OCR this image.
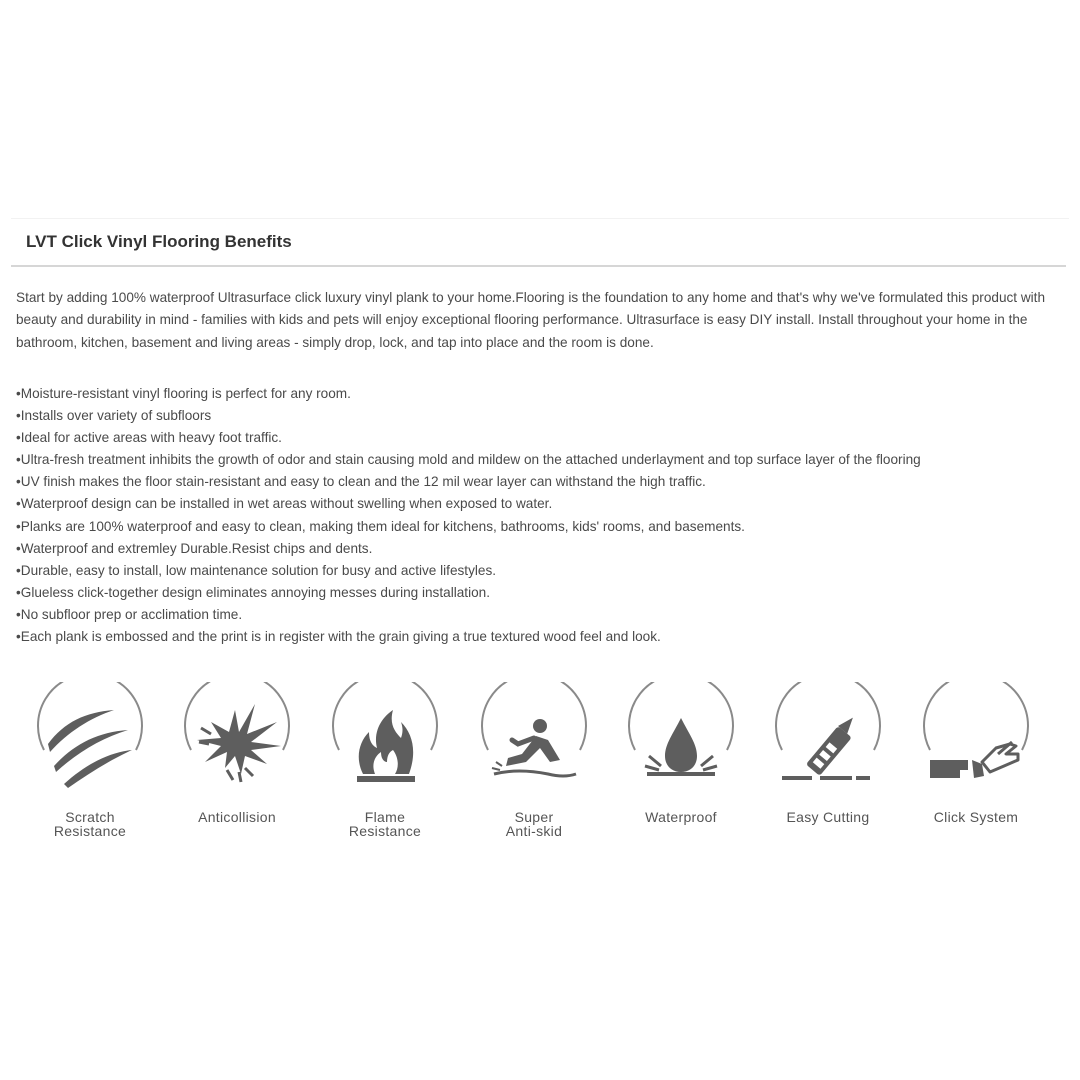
LVT Click Vinyl Flooring Benefits

Start by adding 100% waterproof Ultrasurface click luxury vinyl plank to your home.Flooring is the foundation to any home and that's why we've formulated this product with
beauty and durability in mind - families with kids and pets will enjoy exceptional flooring performance. Ultrasurface is easy DIY install. Install throughout your home in the
bathroom, kitchen, basement and living areas - simply drop, lock, and tap into place and the room is done.

•Moisture-resistant vinyl flooring is perfect for any room.
•Installs over variety of subfloors
•Ideal for active areas with heavy foot traffic.
•Ultra-fresh treatment inhibits the growth of odor and stain causing mold and mildew on the attached underlayment and top surface layer of the flooring
•UV finish makes the floor stain-resistant and easy to clean and the 12 mil wear layer can withstand the high traffic.
•Waterproof design can be installed in wet areas without swelling when exposed to water.
•Planks are 100% waterproof and easy to clean, making them ideal for kitchens, bathrooms, kids' rooms, and basements.
•Waterproof and extremley Durable.Resist chips and dents.
•Durable, easy to install, low maintenance solution for busy and active lifestyles.
•Glueless click-together design eliminates annoying messes during installation.
•No subfloor prep or acclimation time.
•Each plank is embossed and the print is in register with the grain giving a true textured wood feel and look.
Scratch
Resistance
Anticollision	Flame
Resistance
Super
Anti-skid
Waterproof	Easy Cutting	Click System
